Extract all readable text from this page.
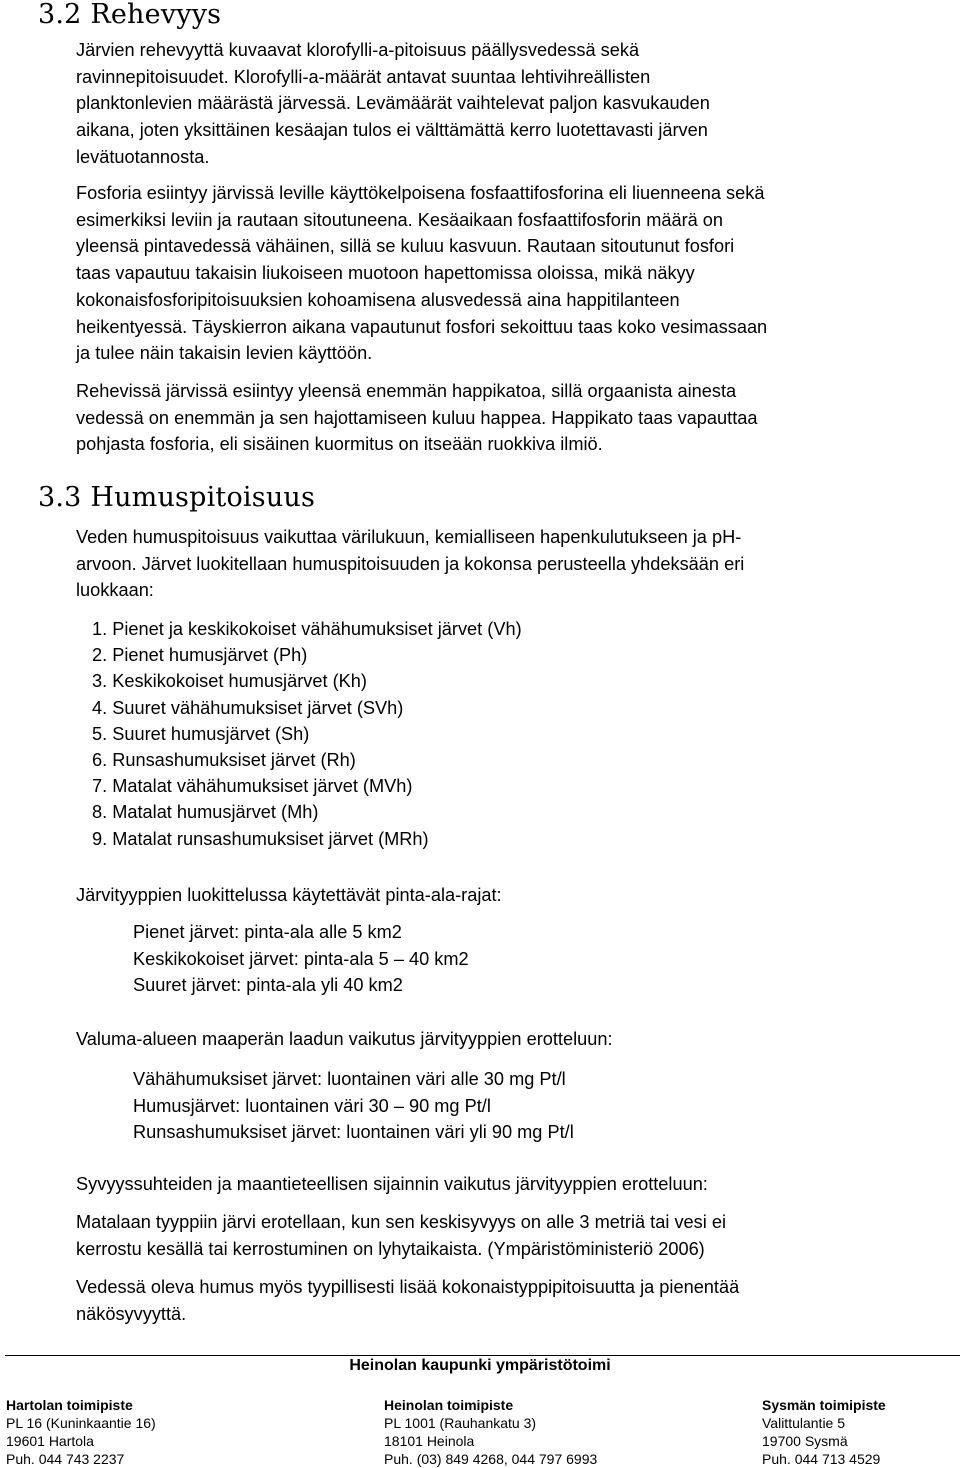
3.2 Rehevyys
Järvien rehevyyttä kuvaavat klorofylli-a-pitoisuus päällysvedessä sekä
ravinnepitoisuudet. Klorofylli-a-määrät antavat suuntaa lehtivihreällisten
planktonlevien määrästä järvessä. Levämäärät vaihtelevat paljon kasvukauden
aikana, joten yksittäinen kesäajan tulos ei välttämättä kerro luotettavasti järven
levätuotannosta.
Fosforia esiintyy järvissä leville käyttökelpoisena fosfaattifosforina eli liuenneena sekä
esimerkiksi leviin ja rautaan sitoutuneena. Kesäaikaan fosfaattifosforin määrä on
yleensä pintavedessä vähäinen, sillä se kuluu kasvuun. Rautaan sitoutunut fosfori
taas vapautuu takaisin liukoiseen muotoon hapettomissa oloissa, mikä näkyy
kokonaisfosforipitoisuuksien kohoamisena alusvedessä aina happitilanteen
heikentyessä. Täyskierron aikana vapautunut fosfori sekoittuu taas koko vesimassaan
ja tulee näin takaisin levien käyttöön.
Rehevissä järvissä esiintyy yleensä enemmän happikatoa, sillä orgaanista ainesta
vedessä on enemmän ja sen hajottamiseen kuluu happea. Happikato taas vapauttaa
pohjasta fosforia, eli sisäinen kuormitus on itseään ruokkiva ilmiö.
3.3 Humuspitoisuus
Veden humuspitoisuus vaikuttaa värilukuun, kemialliseen hapenkulutukseen ja pH-
arvoon. Järvet luokitellaan humuspitoisuuden ja kokonsa perusteella yhdeksään eri
luokkaan:
1. Pienet ja keskikokoiset vähähumuksiset järvet (Vh)
2. Pienet humusjärvet (Ph)
3. Keskikokoiset humusjärvet (Kh)
4. Suuret vähähumuksiset järvet (SVh)
5. Suuret humusjärvet (Sh)
6. Runsashumuksiset järvet (Rh)
7. Matalat vähähumuksiset järvet (MVh)
8. Matalat humusjärvet (Mh)
9. Matalat runsashumuksiset järvet (MRh)
Järvityyppien luokittelussa käytettävät pinta-ala-rajat:
Pienet järvet: pinta-ala alle 5 km2
Keskikokoiset järvet: pinta-ala 5 – 40 km2
Suuret järvet: pinta-ala yli 40 km2
Valuma-alueen maaperän laadun vaikutus järvityyppien erotteluun:
Vähähumuksiset järvet: luontainen väri alle 30 mg Pt/l
Humusjärvet: luontainen väri 30 – 90 mg Pt/l
Runsashumuksiset järvet: luontainen väri yli 90 mg Pt/l
Syvyyssuhteiden ja maantieteellisen sijainnin vaikutus järvityyppien erotteluun:
Matalaan tyyppiin järvi erotellaan, kun sen keskisyvyys on alle 3 metriä tai vesi ei
kerrostu kesällä tai kerrostuminen on lyhytaikaista. (Ympäristöministeriö 2006)
Vedessä oleva humus myös tyypillisesti lisää kokonaistyppipitoisuutta ja pienentää
näkösyvyyttä.
Heinolan kaupunki ympäristötoimi
Hartolan toimipiste
PL 16 (Kuninkaantie 16)
19601 Hartola
Puh. 044 743 2237
Heinolan toimipiste
PL 1001 (Rauhankatu 3)
18101 Heinola
Puh. (03) 849 4268, 044 797 6993
Sysmän toimipiste
Valittulantie 5
19700 Sysmä
Puh. 044 713 4529
